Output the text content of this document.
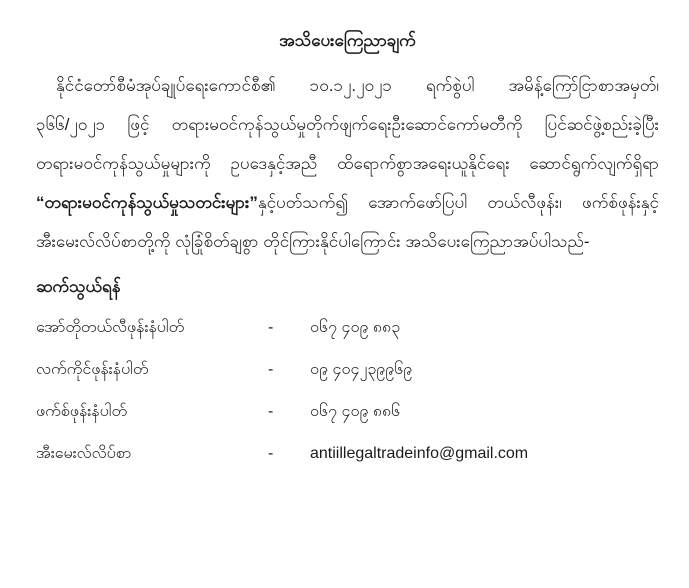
အသိပေးကြေညာချက်
နိုင်ငံတော်စီမံအုပ်ချုပ်ရေးကောင်စီ၏ ၁၀.၁၂.၂၀၂၁ ရက်စွဲပါ အမိန့်ကြော်ငြာစာအမှတ်၊
၃၆၆/၂၀၂၁ ဖြင့် တရားမဝင်ကုန်သွယ်မှုတိုက်ဖျက်ရေးဦးဆောင်ကော်မတီကို ပြင်ဆင်ဖွဲ့စည်းခဲ့ပြီး
တရားမဝင်ကုန်သွယ်မှုများကို ဥပဒေနှင့်အညီ ထိရောက်စွာအရေးယူနိုင်ရေး ဆောင်ရွက်လျက်ရှိရာ
“တရားမဝင်ကုန်သွယ်မှုသတင်းများ”နှင့်ပတ်သက်၍ အောက်ဖော်ပြပါ တယ်လီဖုန်း၊ ဖက်စ်ဖုန်းနှင့်
အီးမေးလ်လိပ်စာတို့ကို လုံခြုံစိတ်ချစွာ တိုင်ကြားနိုင်ပါကြောင်း အသိပေးကြေညာအပ်ပါသည်-
ဆက်သွယ်ရန်
အော်တိုတယ်လီဖုန်းနံပါတ်	-	၀၆၇ ၄၀၉ ၈၈၃
လက်ကိုင်ဖုန်းနံပါတ်	-	၀၉ ၄၀၄၂၃၉၉၆၉
ဖက်စ်ဖုန်းနံပါတ်	-	၀၆၇ ၄၀၉ ၈၈၆
အီးမေးလ်လိပ်စာ	-	antiillegaltradeinfo@gmail.com
